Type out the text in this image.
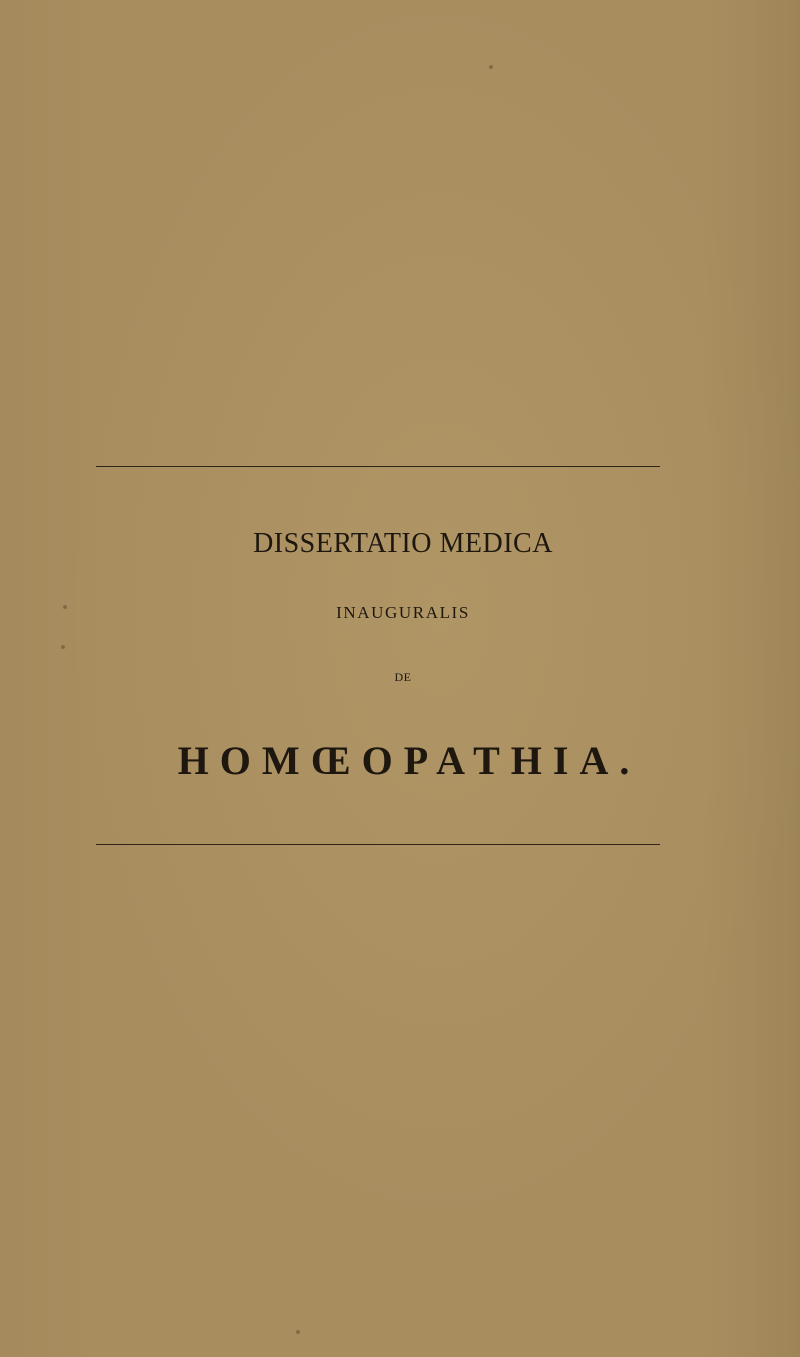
DISSERTATIO MEDICA
INAUGURALIS
DE
HOMŒOPATHIA.
